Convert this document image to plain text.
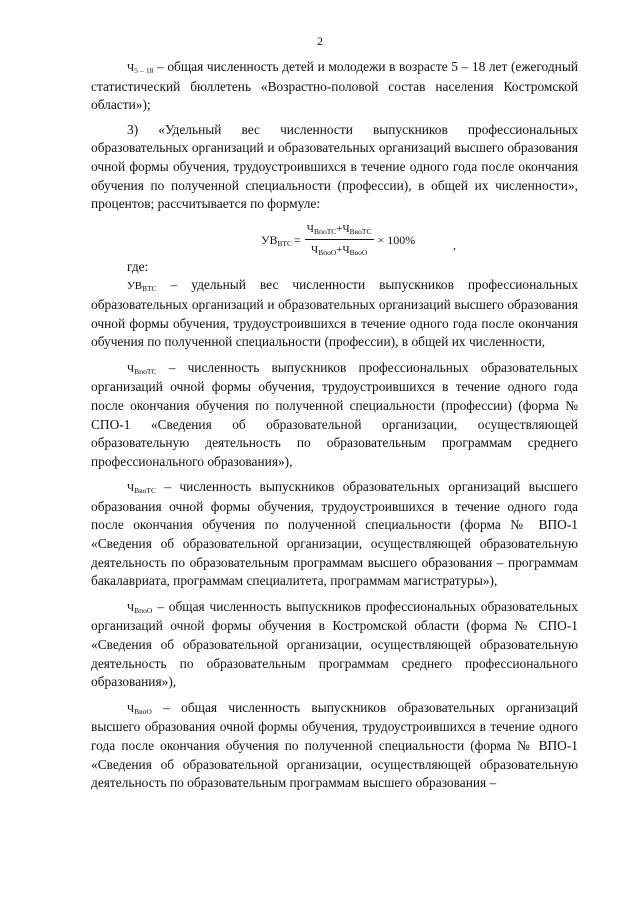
2

$Ч_{5 - 18}$ – общая численность детей и молодежи в возрасте 5 – 18 лет (ежегодный статистический бюллетень «Возрастно-половой состав населения Костромской области»);

3) «Удельный вес численности выпускников профессиональных образовательных организаций и образовательных организаций высшего образования очной формы обучения, трудоустроившихся в течение одного года после окончания обучения по полученной специальности (профессии), в общей их численности», процентов; рассчитывается по формуле:

$УВ_{ВТС} = \frac{Ч_{ВпоТС}+Ч_{ВвоТС}}{Ч_{ВпоО}+Ч_{ВвоО}} \times 100\%$	,

где:

$УВ_{ВТС}$ – удельный вес численности выпускников профессиональных образовательных организаций и образовательных организаций высшего образования очной формы обучения, трудоустроившихся в течение одного года после окончания обучения по полученной специальности (профессии), в общей их численности,

$Ч_{ВпоТС}$ – численность выпускников профессиональных образовательных организаций очной формы обучения, трудоустроившихся в течение одного года после окончания обучения по полученной специальности (профессии) (форма № СПО-1 «Сведения об образовательной организации, осуществляющей образовательную деятельность по образовательным программам среднего профессионального образования»),

$Ч_{ВвоТС}$ – численность выпускников образовательных организаций высшего образования очной формы обучения, трудоустроившихся в течение одного года после окончания обучения по полученной специальности (форма № ВПО-1 «Сведения об образовательной организации, осуществляющей образовательную деятельность по образовательным программам высшего образования – программам бакалавриата, программам специалитета, программам магистратуры»),

$Ч_{ВпоО}$ – общая численность выпускников профессиональных образовательных организаций очной формы обучения в Костромской области (форма № СПО-1 «Сведения об образовательной организации, осуществляющей образовательную деятельность по образовательным программам среднего профессионального образования»),

$Ч_{ВвоО}$ – общая численность выпускников образовательных организаций высшего образования очной формы обучения, трудоустроившихся в течение одного года после окончания обучения по полученной специальности (форма № ВПО-1 «Сведения об образовательной организации, осуществляющей образовательную деятельность по образовательным программам высшего образования –
